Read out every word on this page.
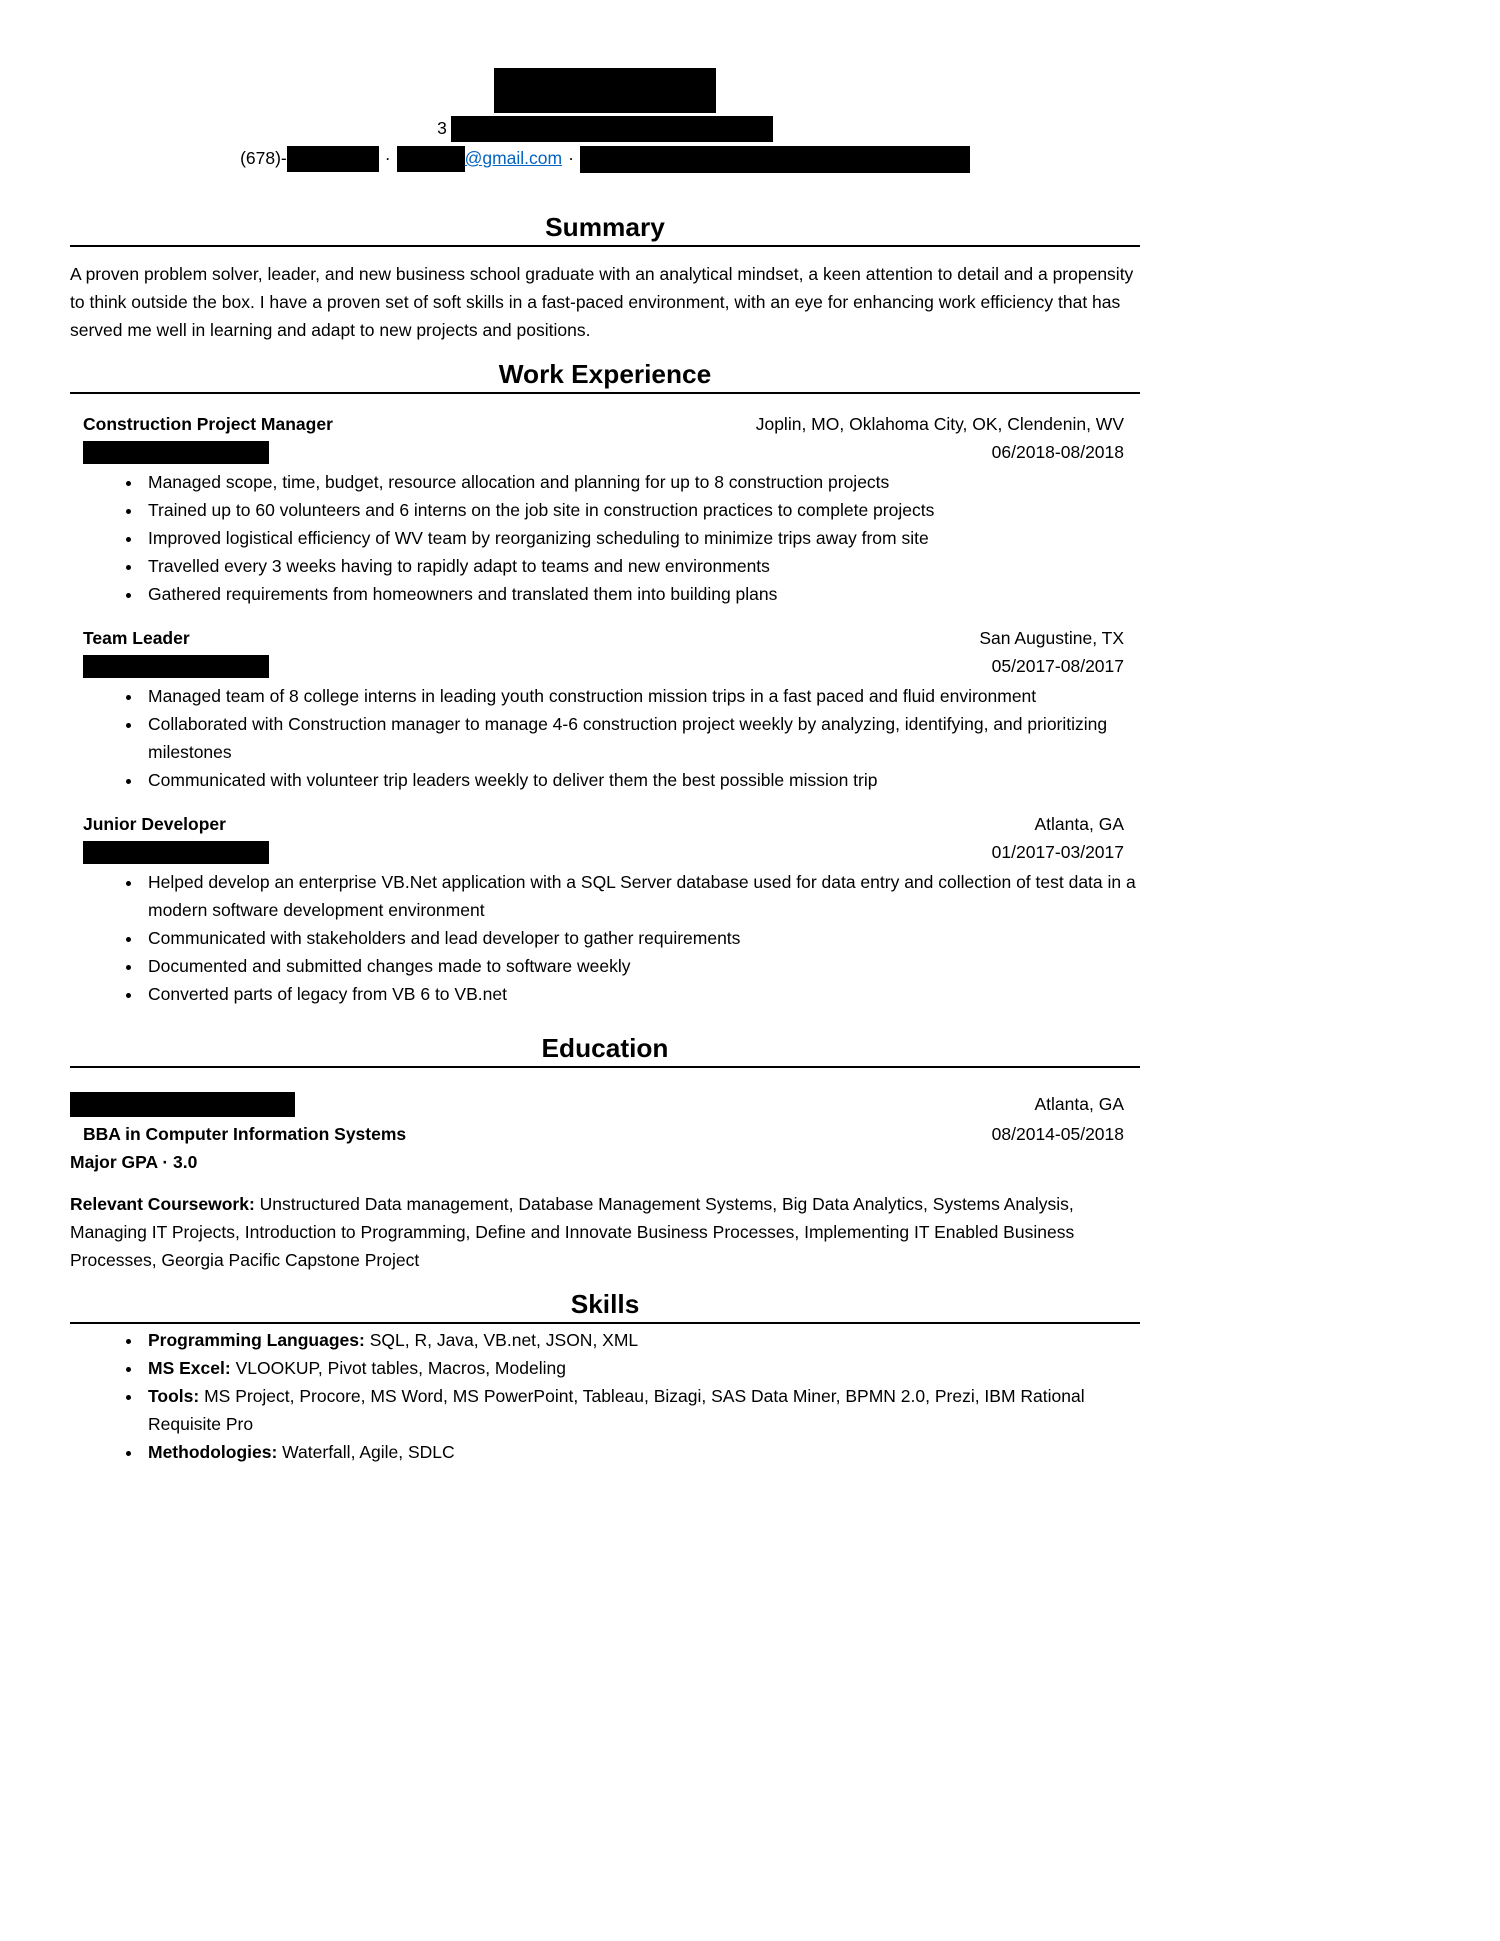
3
(678)-	·	@gmail.com ·
Summary

A proven problem solver, leader, and new business school graduate with an analytical mindset, a keen attention to detail and a propensity to think outside the box. I have a proven set of soft skills in a fast-paced environment, with an eye for enhancing work efficiency that has served me well in learning and adapt to new projects and positions.

Work Experience
Construction Project Manager	Joplin, MO, Oklahoma City, OK, Clendenin, WV
06/2018-08/2018
• Managed scope, time, budget, resource allocation and planning for up to 8 construction projects
• Trained up to 60 volunteers and 6 interns on the job site in construction practices to complete projects
• Improved logistical efficiency of WV team by reorganizing scheduling to minimize trips away from site
• Travelled every 3 weeks having to rapidly adapt to teams and new environments
• Gathered requirements from homeowners and translated them into building plans
Team Leader	San Augustine, TX
05/2017-08/2017
• Managed team of 8 college interns in leading youth construction mission trips in a fast paced and fluid environment
• Collaborated with Construction manager to manage 4-6 construction project weekly by analyzing, identifying, and prioritizing milestones
• Communicated with volunteer trip leaders weekly to deliver them the best possible mission trip
Junior Developer	Atlanta, GA
01/2017-03/2017
• Helped develop an enterprise VB.Net application with a SQL Server database used for data entry and collection of test data in a modern software development environment
• Communicated with stakeholders and lead developer to gather requirements
• Documented and submitted changes made to software weekly
• Converted parts of legacy from VB 6 to VB.net
Education
Atlanta, GA
BBA in Computer Information Systems	08/2014-05/2018
Major GPA · 3.0

Relevant Coursework: Unstructured Data management, Database Management Systems, Big Data Analytics, Systems Analysis, Managing IT Projects, Introduction to Programming, Define and Innovate Business Processes, Implementing IT Enabled Business Processes, Georgia Pacific Capstone Project

Skills
• Programming Languages: SQL, R, Java, VB.net, JSON, XML
• MS Excel: VLOOKUP, Pivot tables, Macros, Modeling
• Tools: MS Project, Procore, MS Word, MS PowerPoint, Tableau, Bizagi, SAS Data Miner, BPMN 2.0, Prezi, IBM Rational Requisite Pro
• Methodologies: Waterfall, Agile, SDLC
